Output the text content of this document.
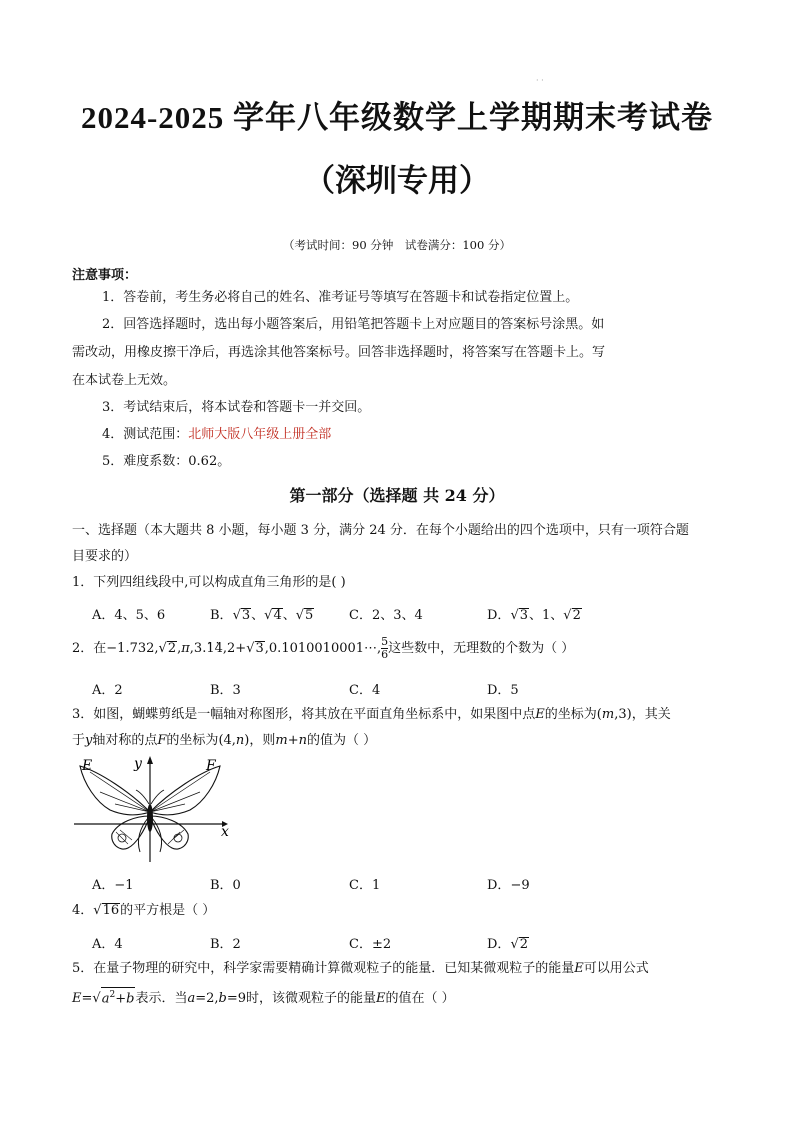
· ·
2024-2025 学年八年级数学上学期期末考试卷
（深圳专用）
（考试时间：90 分钟　试卷满分：100 分）
注意事项：
1．答卷前，考生务必将自己的姓名、准考证号等填写在答题卡和试卷指定位置上。
2．回答选择题时，选出每小题答案后，用铅笔把答题卡上对应题目的答案标号涂黑。如
需改动，用橡皮擦干净后，再选涂其他答案标号。回答非选择题时，将答案写在答题卡上。写
在本试卷上无效。
3．考试结束后，将本试卷和答题卡一并交回。
4．测试范围：北师大版八年级上册全部
5．难度系数：0.62。
第一部分（选择题 共 24 分）
一、选择题（本大题共 8 小题，每小题 3 分，满分 24 分．在每个小题给出的四个选项中，只有一项符合题
目要求的）
1．下列四组线段中,可以构成直角三角形的是( )
A．4、5、6	B．√3、√4、√5	C．2、3、4	D．√3、1、√2
2．在−1.732,√2,π,3.· 1· 4,2+√3,0.1010010001⋯, $\frac{5}{6}$ 这些数中，无理数的个数为（ ）
A．2	B．3	C．4	D．5
3．如图，蝴蝶剪纸是一幅轴对称图形，将其放在平面直角坐标系中，如果图中点E的坐标为(m,3)，其关
于y轴对称的点F的坐标为(4,n)，则m+n的值为（ ）
E	y	F
x
A．−1	B．0	C．1	D．−9
4．√16的平方根是（ ）
A．4	B．2	C．±2	D．√2
5．在量子物理的研究中，科学家需要精确计算微观粒子的能量．已知某微观粒子的能量E可以用公式
$E=√a^2+b$表示．当a=2,b=9时，该微观粒子的能量E的值在（ ）
